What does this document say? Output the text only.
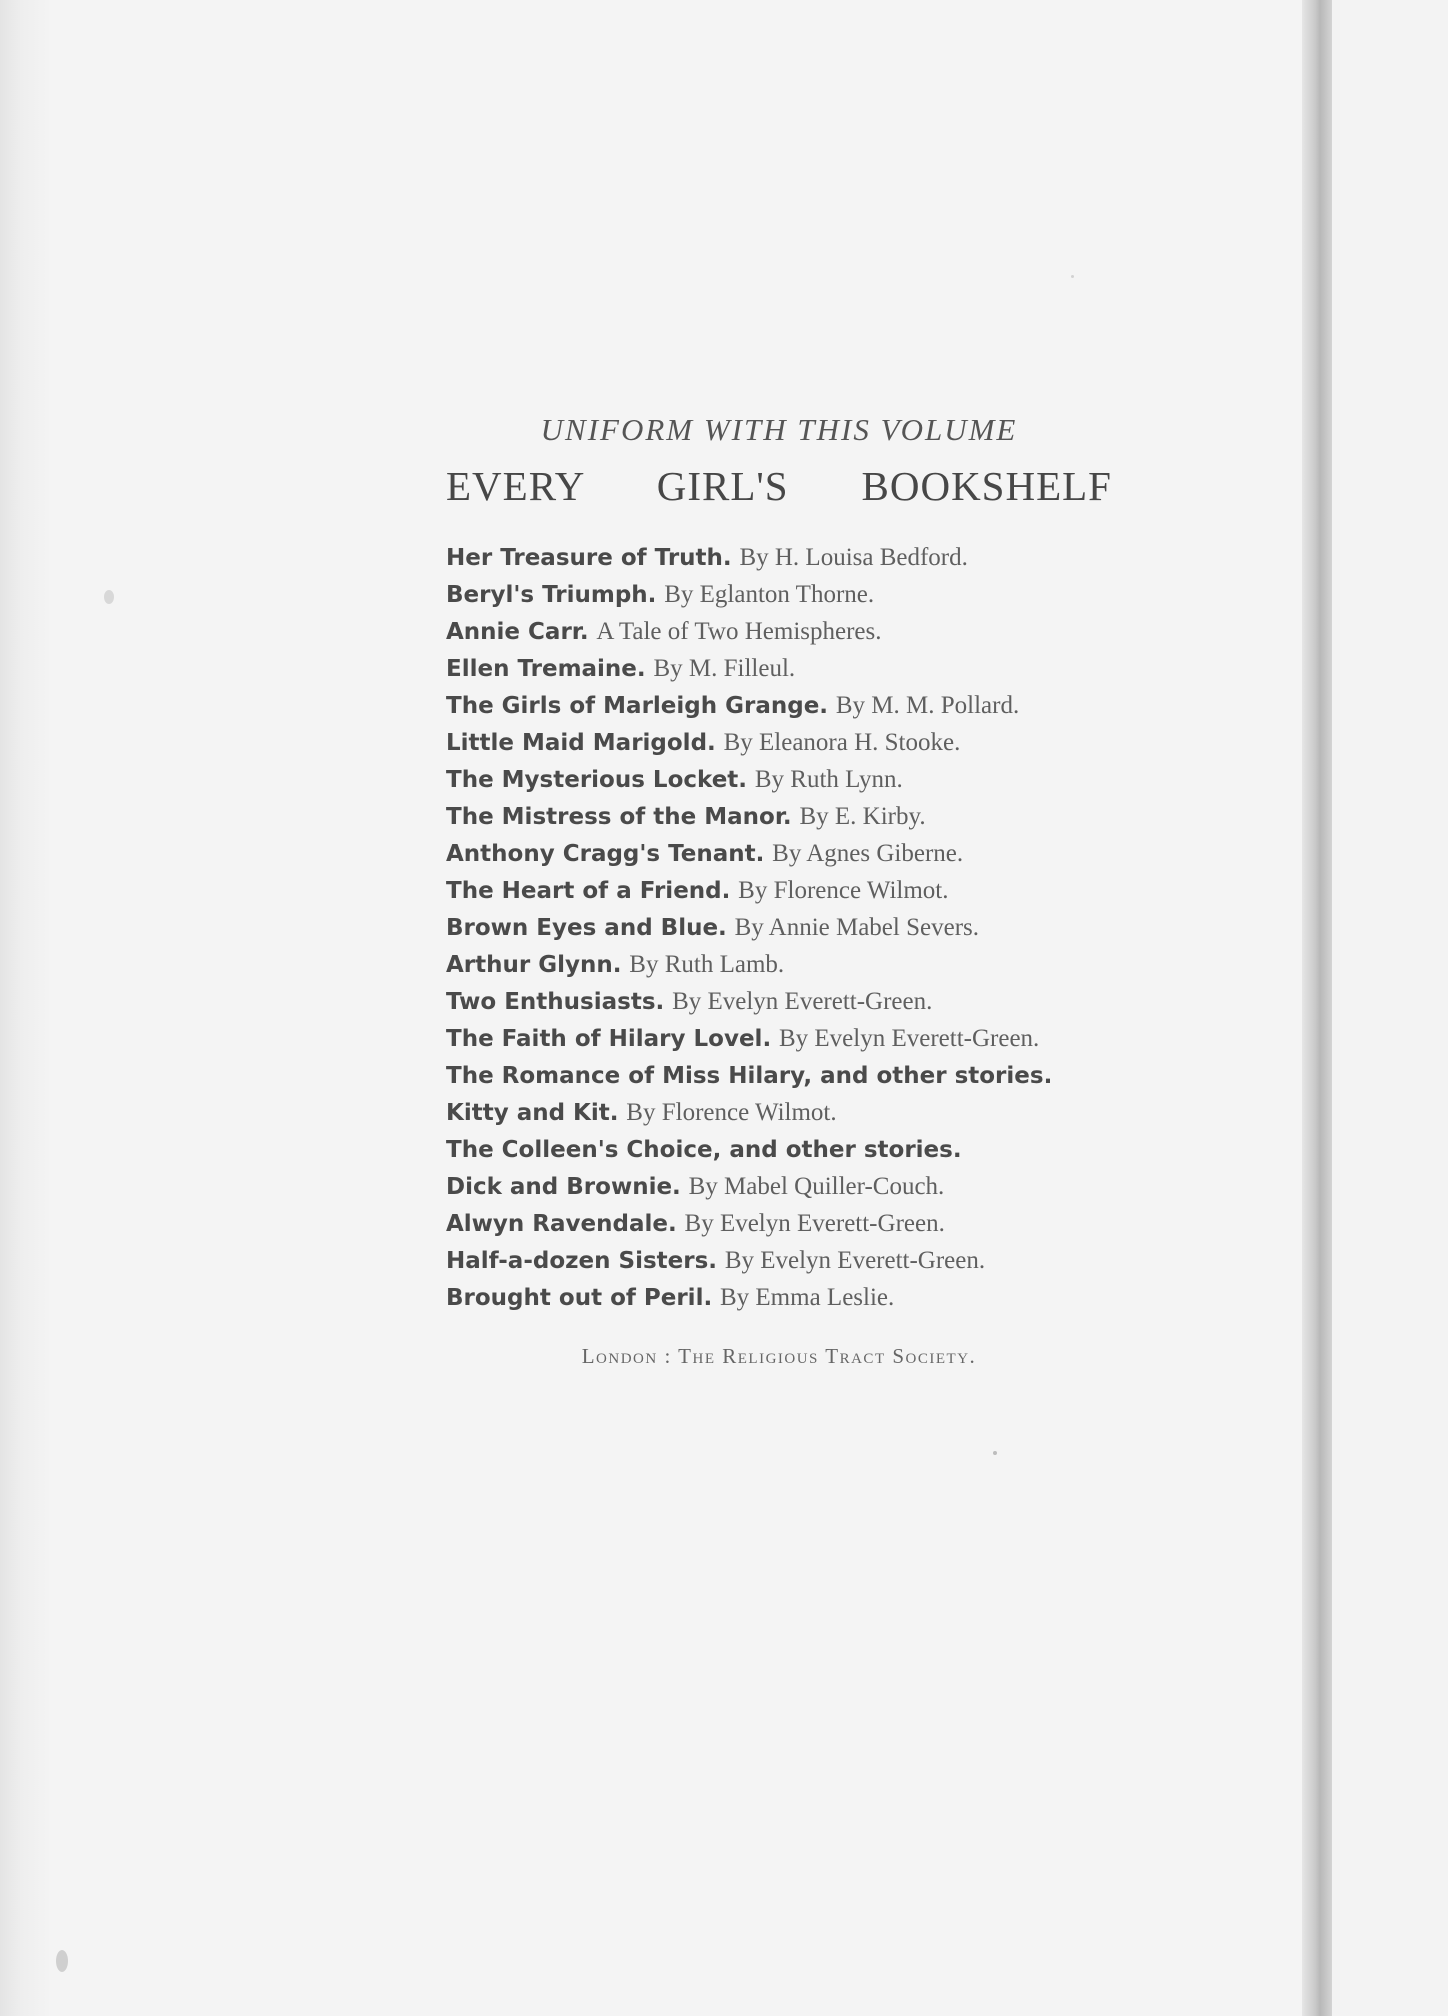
UNIFORM WITH THIS VOLUME
EVERY GIRL'S BOOKSHELF
Her Treasure of Truth. By H. Louisa Bedford.
Beryl's Triumph. By Eglanton Thorne.
Annie Carr. A Tale of Two Hemispheres.
Ellen Tremaine. By M. Filleul.
The Girls of Marleigh Grange. By M. M. Pollard.
Little Maid Marigold. By Eleanora H. Stooke.
The Mysterious Locket. By Ruth Lynn.
The Mistress of the Manor. By E. Kirby.
Anthony Cragg's Tenant. By Agnes Giberne.
The Heart of a Friend. By Florence Wilmot.
Brown Eyes and Blue. By Annie Mabel Severs.
Arthur Glynn. By Ruth Lamb.
Two Enthusiasts. By Evelyn Everett-Green.
The Faith of Hilary Lovel. By Evelyn Everett-Green.
The Romance of Miss Hilary, and other stories.
Kitty and Kit. By Florence Wilmot.
The Colleen's Choice, and other stories.
Dick and Brownie. By Mabel Quiller-Couch.
Alwyn Ravendale. By Evelyn Everett-Green.
Half-a-dozen Sisters. By Evelyn Everett-Green.
Brought out of Peril. By Emma Leslie.
London : The Religious Tract Society.
